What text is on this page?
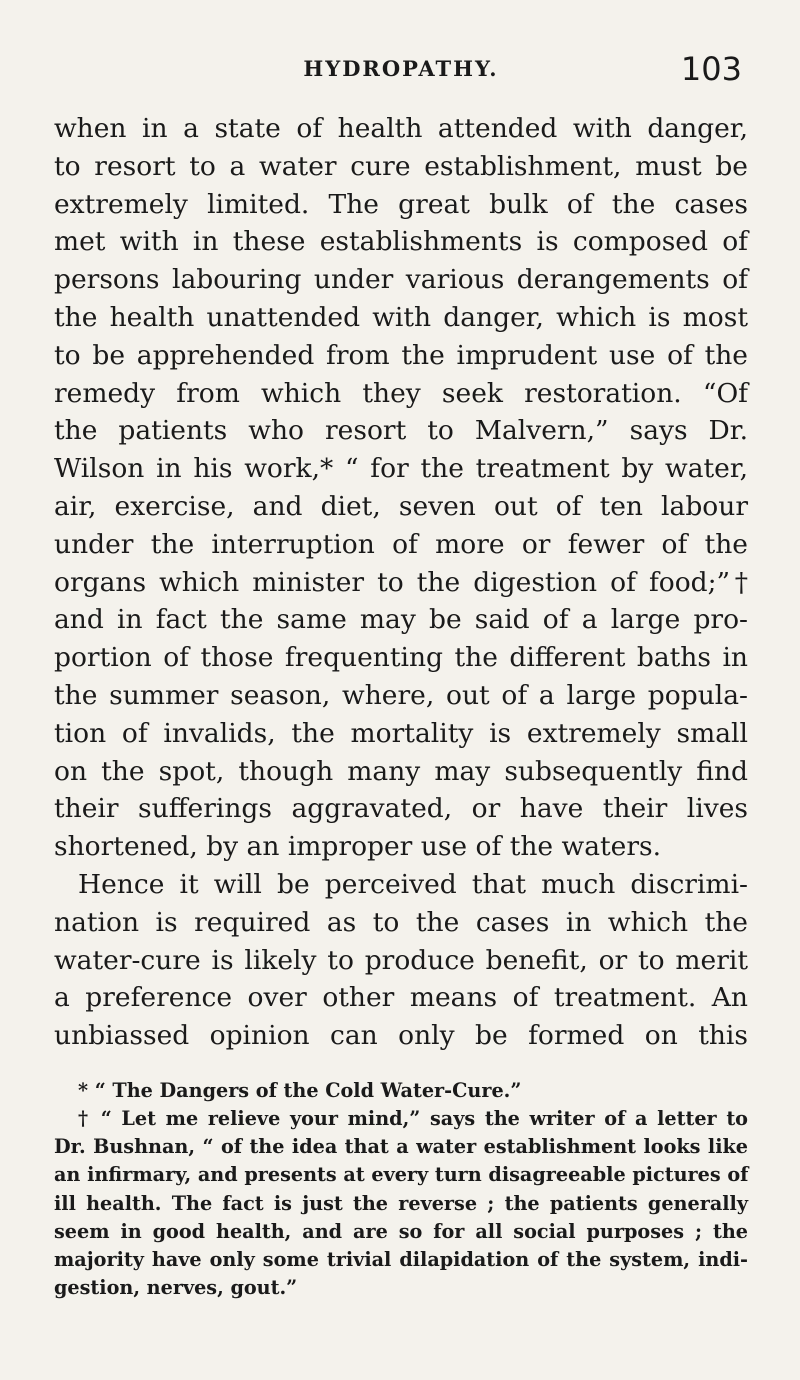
HYDROPATHY.	103
when in a state of health attended with danger,
to resort to a water cure establishment, must be
extremely limited. The great bulk of the cases
met with in these establishments is composed of
persons labouring under various derangements of
the health unattended with danger, which is most
to be apprehended from the imprudent use of the
remedy from which they seek restoration. “Of
the patients who resort to Malvern,” says Dr.
Wilson in his work,* “ for the treatment by water,
air, exercise, and diet, seven out of ten labour
under the interruption of more or fewer of the
organs which minister to the digestion of food;”†
and in fact the same may be said of a large pro-
portion of those frequenting the different baths in
the summer season, where, out of a large popula-
tion of invalids, the mortality is extremely small
on the spot, though many may subsequently find
their sufferings aggravated, or have their lives
shortened, by an improper use of the waters.
Hence it will be perceived that much discrimi-
nation is required as to the cases in which the
water-cure is likely to produce benefit, or to merit
a preference over other means of treatment. An
unbiassed opinion can only be formed on this
* “ The Dangers of the Cold Water-Cure.”
† “ Let me relieve your mind,” says the writer of a letter to
Dr. Bushnan, “ of the idea that a water establishment looks like
an infirmary, and presents at every turn disagreeable pictures of
ill health. The fact is just the reverse ; the patients generally
seem in good health, and are so for all social purposes ; the
majority have only some trivial dilapidation of the system, indi-
gestion, nerves, gout.”
